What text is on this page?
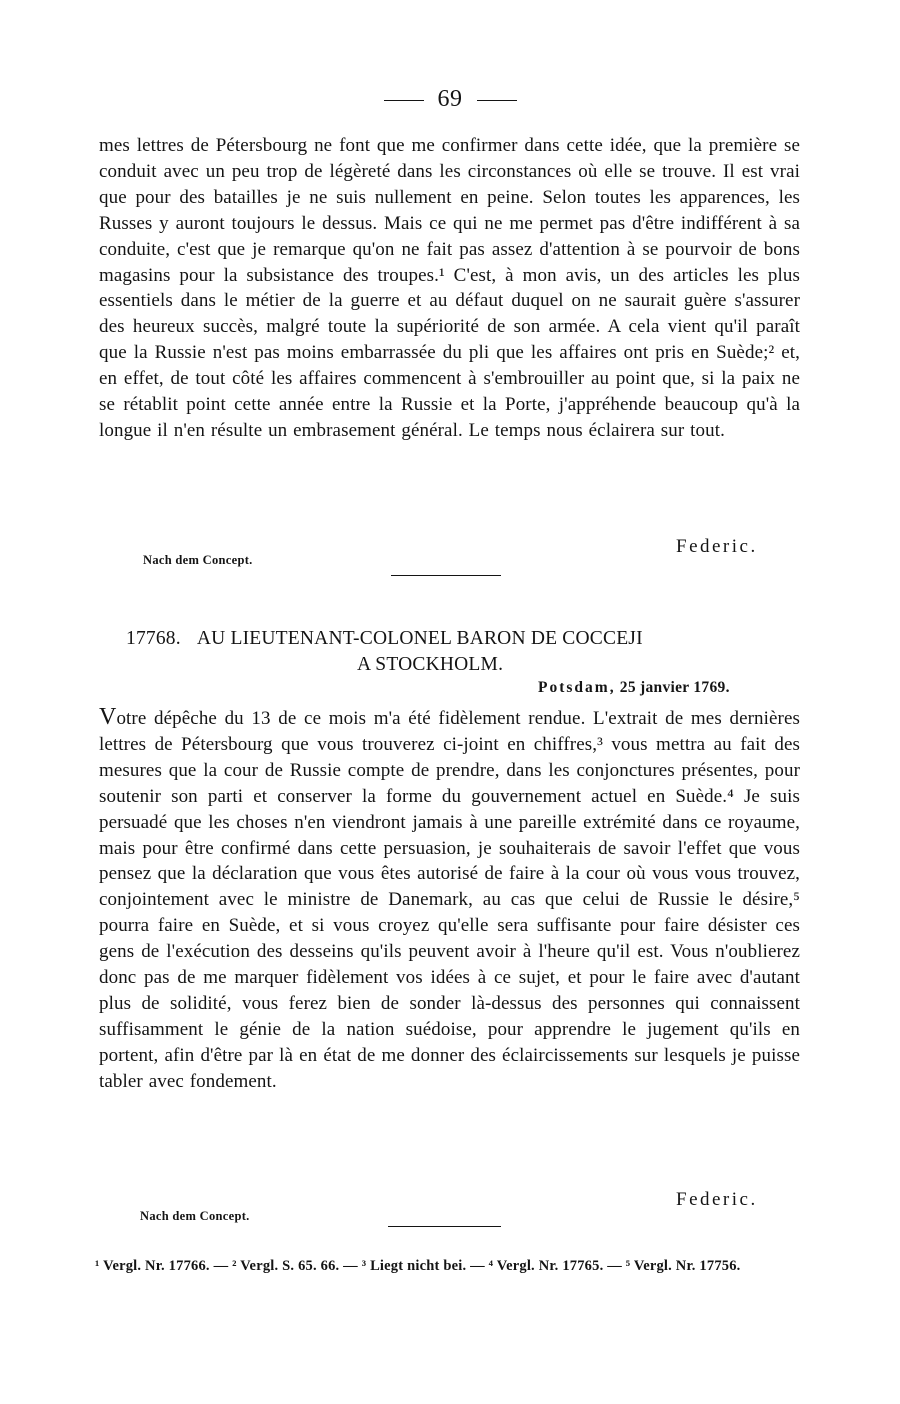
69

mes lettres de Pétersbourg ne font que me confirmer dans cette idée, que la première se conduit avec un peu trop de légèreté dans les circonstances où elle se trouve. Il est vrai que pour des batailles je ne suis nullement en peine. Selon toutes les apparences, les Russes y auront toujours le dessus. Mais ce qui ne me permet pas d'être indifférent à sa conduite, c'est que je remarque qu'on ne fait pas assez d'attention à se pourvoir de bons magasins pour la subsistance des troupes.¹ C'est, à mon avis, un des articles les plus essentiels dans le métier de la guerre et au défaut duquel on ne saurait guère s'assurer des heureux succès, malgré toute la supériorité de son armée. A cela vient qu'il paraît que la Russie n'est pas moins embarrassée du pli que les affaires ont pris en Suède;² et, en effet, de tout côté les affaires commencent à s'embrouiller au point que, si la paix ne se rétablit point cette année entre la Russie et la Porte, j'appréhende beaucoup qu'à la longue il n'en résulte un embrasement général. Le temps nous éclairera sur tout.

Federic.
Nach dem Concept.
17768. AU LIEUTENANT-COLONEL BARON DE COCCEJI
A STOCKHOLM.
Potsdam, 25 janvier 1769.

Votre dépêche du 13 de ce mois m'a été fidèlement rendue. L'extrait de mes dernières lettres de Pétersbourg que vous trouverez ci-joint en chiffres,³ vous mettra au fait des mesures que la cour de Russie compte de prendre, dans les conjonctures présentes, pour soutenir son parti et conserver la forme du gouvernement actuel en Suède.⁴ Je suis persuadé que les choses n'en viendront jamais à une pareille extrémité dans ce royaume, mais pour être confirmé dans cette persuasion, je souhaiterais de savoir l'effet que vous pensez que la déclaration que vous êtes autorisé de faire à la cour où vous vous trouvez, conjointement avec le ministre de Danemark, au cas que celui de Russie le désire,⁵ pourra faire en Suède, et si vous croyez qu'elle sera suffisante pour faire désister ces gens de l'exécution des desseins qu'ils peuvent avoir à l'heure qu'il est. Vous n'oublierez donc pas de me marquer fidèlement vos idées à ce sujet, et pour le faire avec d'autant plus de solidité, vous ferez bien de sonder là-dessus des personnes qui connaissent suffisamment le génie de la nation suédoise, pour apprendre le jugement qu'ils en portent, afin d'être par là en état de me donner des éclaircissements sur lesquels je puisse tabler avec fondement.

Federic.
Nach dem Concept.
¹ Vergl. Nr. 17766. — ² Vergl. S. 65. 66. — ³ Liegt nicht bei. — ⁴ Vergl. Nr. 17765. — ⁵ Vergl. Nr. 17756.
